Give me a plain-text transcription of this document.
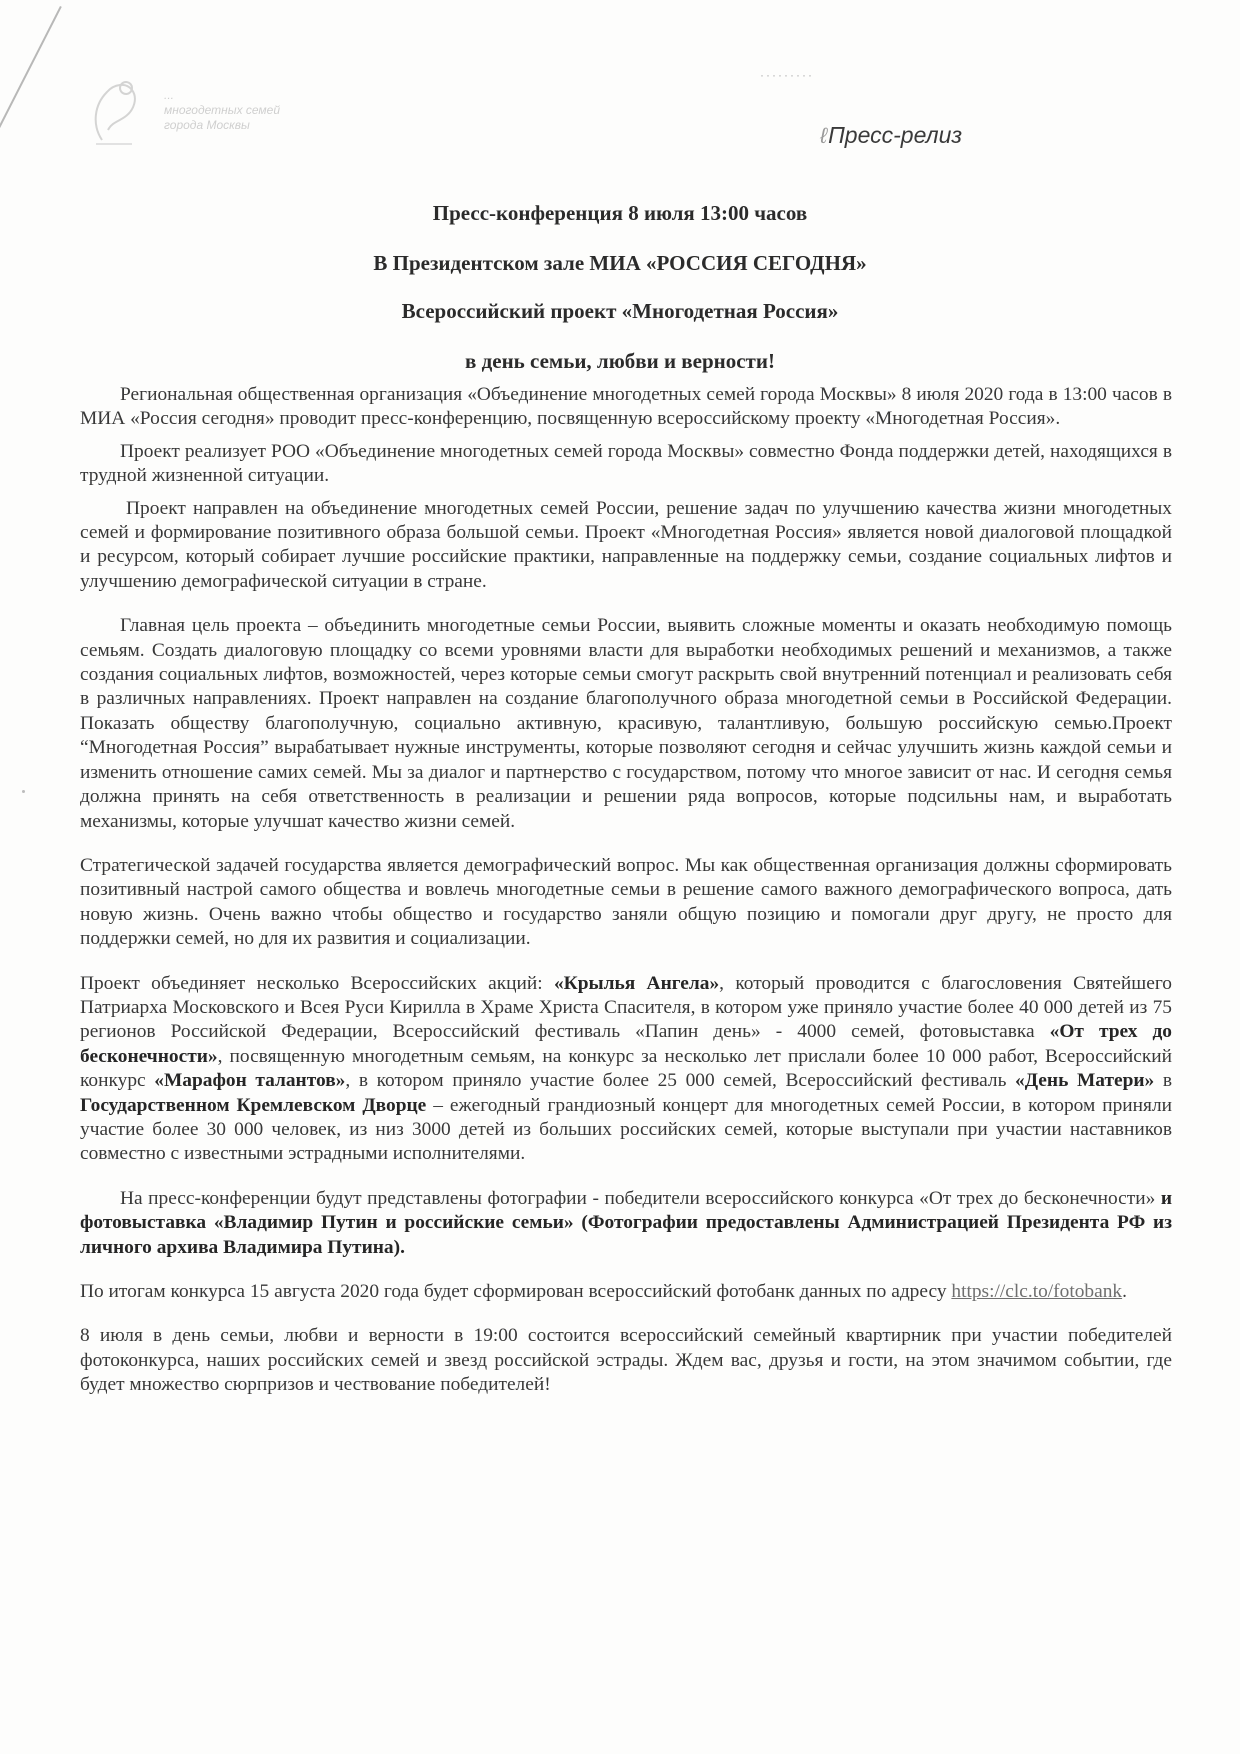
...
многодетных семей
города Москвы
·········
ℓПресс-релиз
Пресс-конференция 8 июля 13:00 часов
В Президентском зале МИА «РОССИЯ СЕГОДНЯ»
Всероссийский проект «Многодетная Россия»
в день семьи, любви и верности!

Региональная общественная организация «Объединение многодетных семей города Москвы» 8 июля 2020 года в 13:00 часов в МИА «Россия сегодня» проводит пресс-конференцию, посвященную всероссийскому проекту «Многодетная Россия».

Проект реализует РОО «Объединение многодетных семей города Москвы» совместно Фонда поддержки детей, находящихся в трудной жизненной ситуации.

Проект направлен на объединение многодетных семей России, решение задач по улучшению качества жизни многодетных семей и формирование позитивного образа большой семьи. Проект «Многодетная Россия» является новой диалоговой площадкой и ресурсом, который собирает лучшие российские практики, направленные на поддержку семьи, создание социальных лифтов и улучшению демографической ситуации в стране.

Главная цель проекта – объединить многодетные семьи России, выявить сложные моменты и оказать необходимую помощь семьям. Создать диалоговую площадку со всеми уровнями власти для выработки необходимых решений и механизмов, а также создания социальных лифтов, возможностей, через которые семьи смогут раскрыть свой внутренний потенциал и реализовать себя в различных направлениях. Проект направлен на создание благополучного образа многодетной семьи в Российской Федерации. Показать обществу благополучную, социально активную, красивую, талантливую, большую российскую семью.Проект “Многодетная Россия” вырабатывает нужные инструменты, которые позволяют сегодня и сейчас улучшить жизнь каждой семьи и изменить отношение самих семей. Мы за диалог и партнерство с государством, потому что многое зависит от нас. И сегодня семья должна принять на себя ответственность в реализации и решении ряда вопросов, которые подсильны нам, и выработать механизмы, которые улучшат качество жизни семей.

Стратегической задачей государства является демографический вопрос. Мы как общественная организация должны сформировать позитивный настрой самого общества и вовлечь многодетные семьи в решение самого важного демографического вопроса, дать новую жизнь. Очень важно чтобы общество и государство заняли общую позицию и помогали друг другу, не просто для поддержки семей, но для их развития и социализации.

Проект объединяет несколько Всероссийских акций: «Крылья Ангела», который проводится с благословения Святейшего Патриарха Московского и Всея Руси Кирилла в Храме Христа Спасителя, в котором уже приняло участие более 40 000 детей из 75 регионов Российской Федерации, Всероссийский фестиваль «Папин день» - 4000 семей, фотовыставка «От трех до бесконечности», посвященную многодетным семьям, на конкурс за несколько лет прислали более 10 000 работ, Всероссийский конкурс «Марафон талантов», в котором приняло участие более 25 000 семей, Всероссийский фестиваль «День Матери» в Государственном Кремлевском Дворце – ежегодный грандиозный концерт для многодетных семей России, в котором приняли участие более 30 000 человек, из низ 3000 детей из больших российских семей, которые выступали при участии наставников совместно с известными эстрадными исполнителями.

На пресс-конференции будут представлены фотографии - победители всероссийского конкурса «От трех до бесконечности» и фотовыставка «Владимир Путин и российские семьи» (Фотографии предоставлены Администрацией Президента РФ из личного архива Владимира Путина).

По итогам конкурса 15 августа 2020 года будет сформирован всероссийский фотобанк данных по адресу https://clc.to/fotobank.

8 июля в день семьи, любви и верности в 19:00 состоится всероссийский семейный квартирник при участии победителей фотоконкурса, наших российских семей и звезд российской эстрады. Ждем вас, друзья и гости, на этом значимом событии, где будет множество сюрпризов и чествование победителей!
